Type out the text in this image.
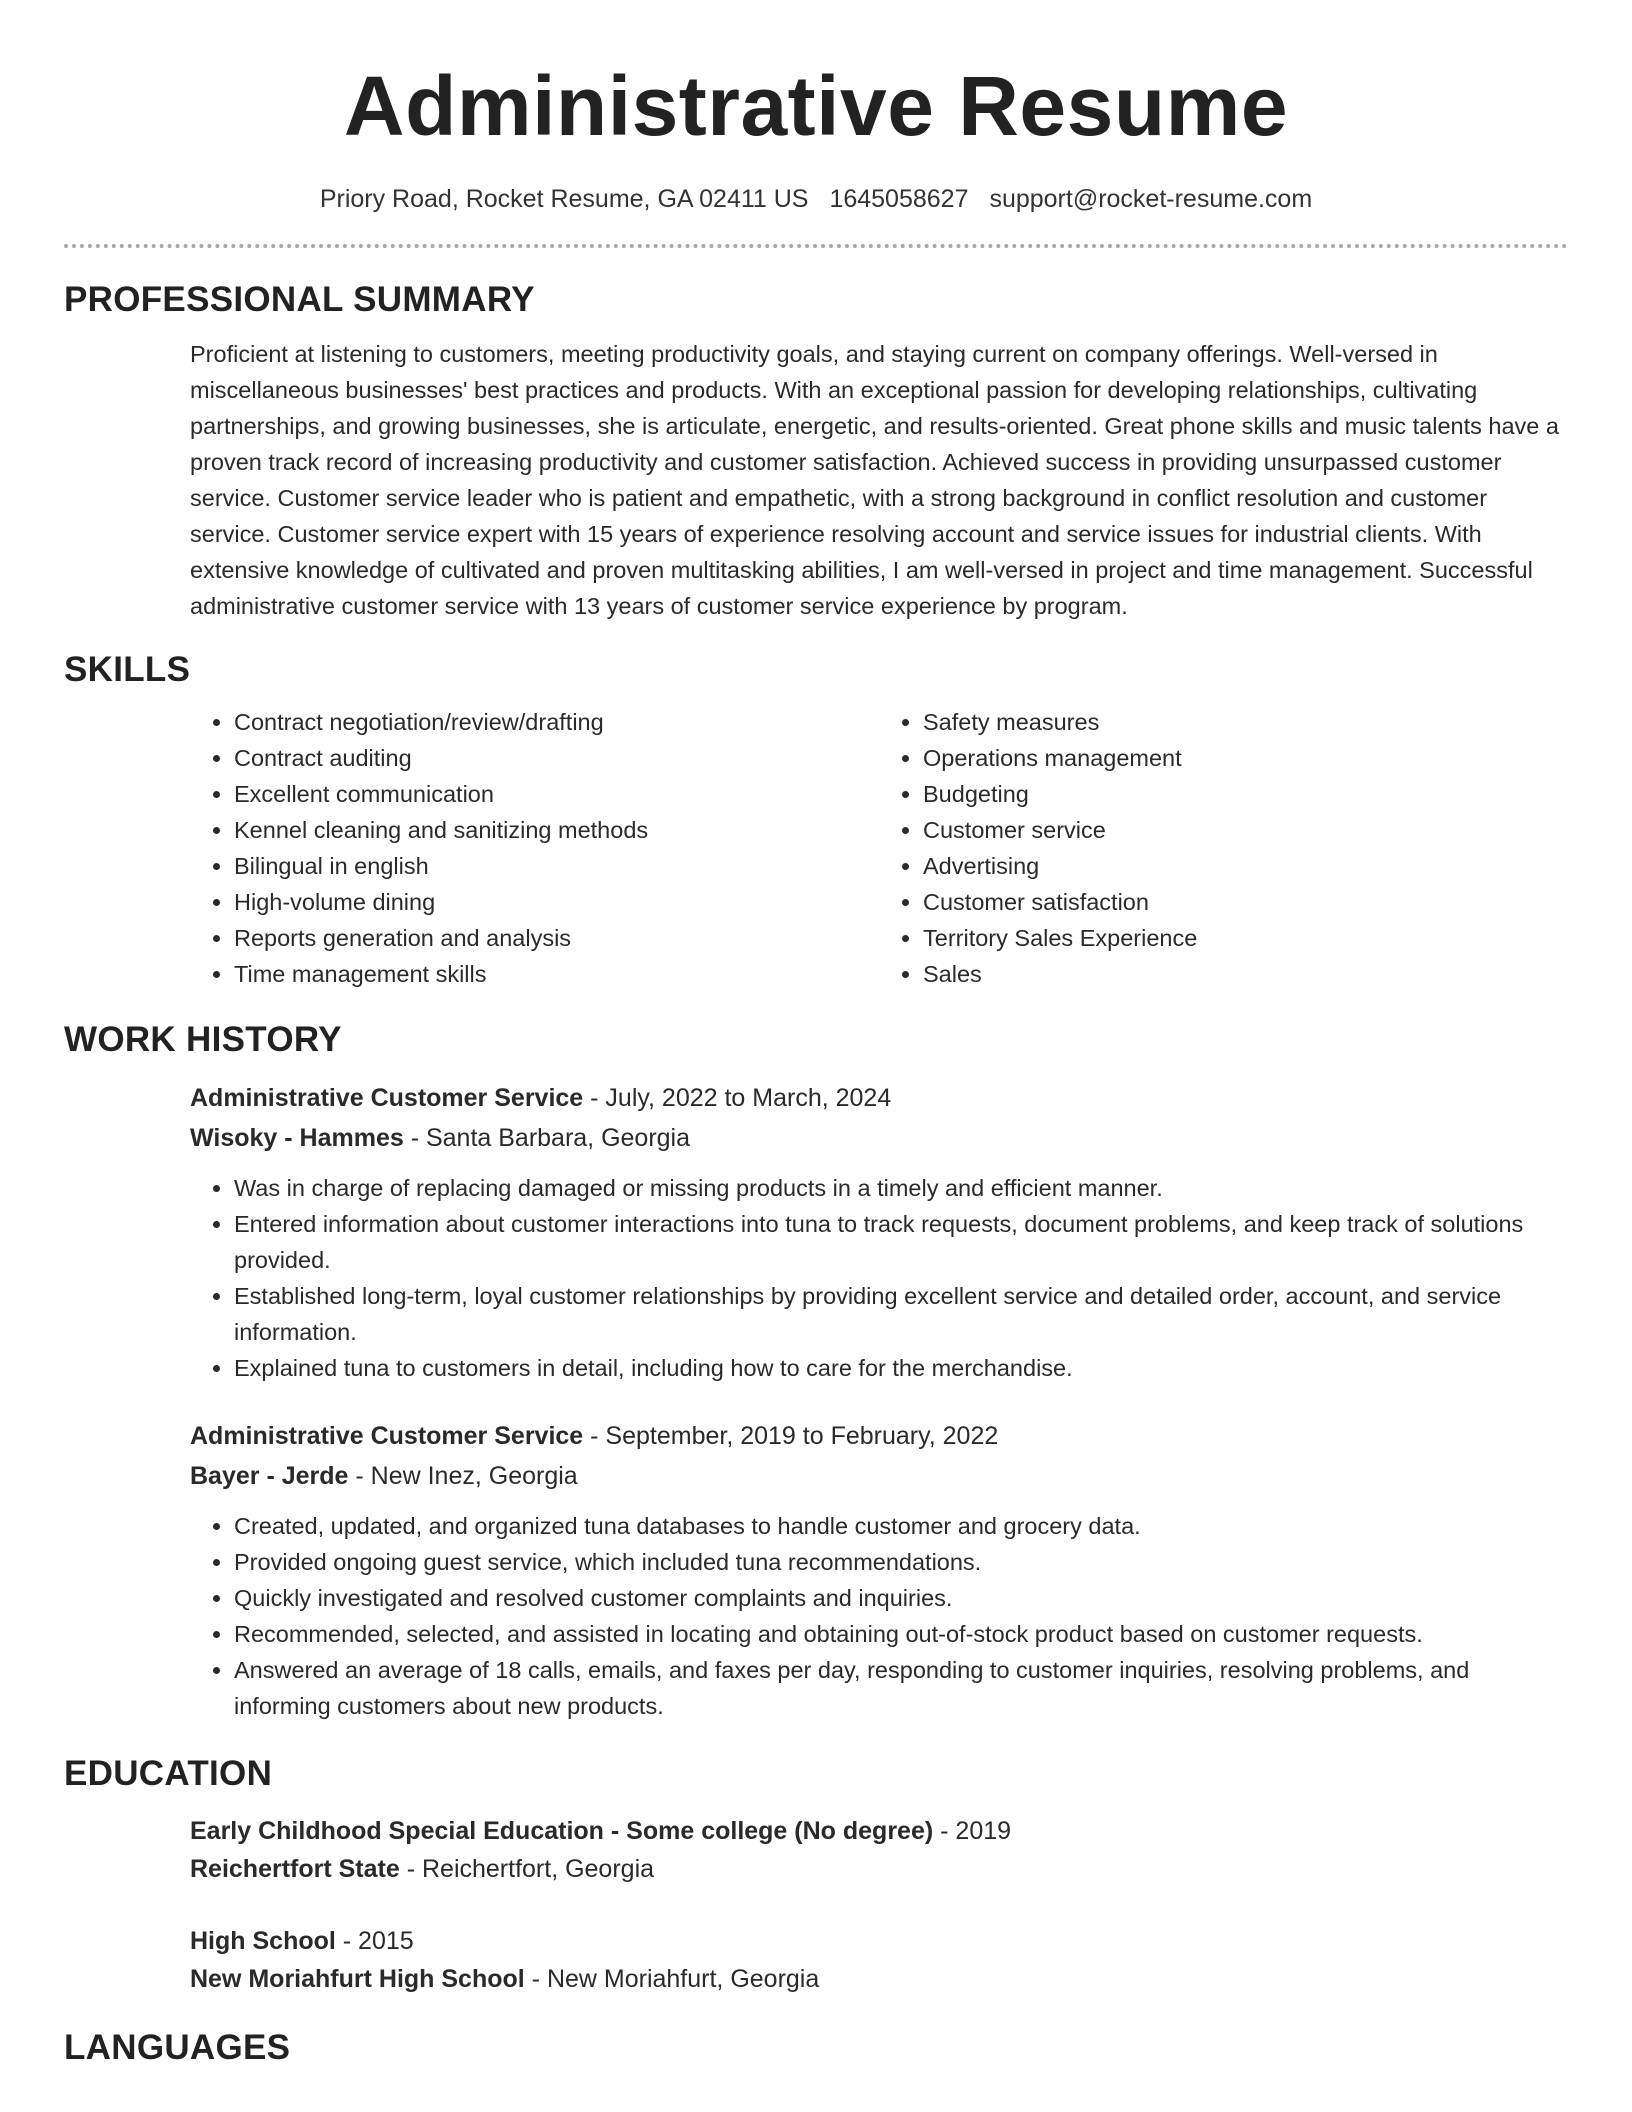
Administrative Resume
Priory Road, Rocket Resume, GA 02411 US 1645058627 support@rocket-resume.com
PROFESSIONAL SUMMARY
Proficient at listening to customers, meeting productivity goals, and staying current on company offerings. Well-versed in miscellaneous businesses' best practices and products. With an exceptional passion for developing relationships, cultivating partnerships, and growing businesses, she is articulate, energetic, and results-oriented. Great phone skills and music talents have a proven track record of increasing productivity and customer satisfaction. Achieved success in providing unsurpassed customer service. Customer service leader who is patient and empathetic, with a strong background in conflict resolution and customer service. Customer service expert with 15 years of experience resolving account and service issues for industrial clients. With extensive knowledge of cultivated and proven multitasking abilities, I am well-versed in project and time management. Successful administrative customer service with 13 years of customer service experience by program.
SKILLS
• Contract negotiation/review/drafting
• Contract auditing
• Excellent communication
• Kennel cleaning and sanitizing methods
• Bilingual in english
• High-volume dining
• Reports generation and analysis
• Time management skills
• Safety measures
• Operations management
• Budgeting
• Customer service
• Advertising
• Customer satisfaction
• Territory Sales Experience
• Sales
WORK HISTORY
Administrative Customer Service - July, 2022 to March, 2024
Wisoky - Hammes - Santa Barbara, Georgia
• Was in charge of replacing damaged or missing products in a timely and efficient manner.
• Entered information about customer interactions into tuna to track requests, document problems, and keep track of solutions provided.
• Established long-term, loyal customer relationships by providing excellent service and detailed order, account, and service information.
• Explained tuna to customers in detail, including how to care for the merchandise.
Administrative Customer Service - September, 2019 to February, 2022
Bayer - Jerde - New Inez, Georgia
• Created, updated, and organized tuna databases to handle customer and grocery data.
• Provided ongoing guest service, which included tuna recommendations.
• Quickly investigated and resolved customer complaints and inquiries.
• Recommended, selected, and assisted in locating and obtaining out-of-stock product based on customer requests.
• Answered an average of 18 calls, emails, and faxes per day, responding to customer inquiries, resolving problems, and informing customers about new products.
EDUCATION
Early Childhood Special Education - Some college (No degree) - 2019
Reichertfort State - Reichertfort, Georgia
High School - 2015
New Moriahfurt High School - New Moriahfurt, Georgia
LANGUAGES
